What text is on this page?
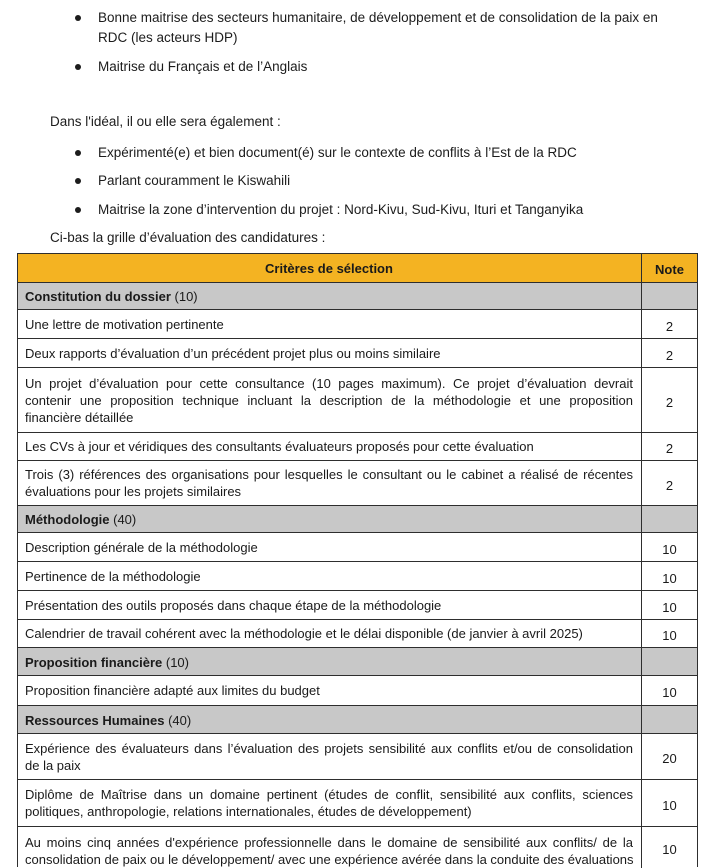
Bonne maitrise des secteurs humanitaire, de développement et de consolidation de la paix en
RDC (les acteurs HDP)
Maitrise du Français et de l’Anglais
Dans l'idéal, il ou elle sera également :
Expérimenté(e) et bien document(é) sur le contexte de conflits à l’Est de la RDC
Parlant couramment le Kiswahili
Maitrise la zone d’intervention du projet : Nord-Kivu, Sud-Kivu, Ituri et Tanganyika
Ci-bas la grille d’évaluation des candidatures :
Critères de sélection	Note
Constitution du dossier (10)
Une lettre de motivation pertinente	2
Deux rapports d’évaluation d’un précédent projet plus ou moins similaire	2
Un projet d’évaluation pour cette consultance (10 pages maximum). Ce projet d’évaluation devrait
contenir une proposition technique incluant la description de la méthodologie et une proposition
financière détaillée
2
Les CVs à jour et véridiques des consultants évaluateurs proposés pour cette évaluation	2
Trois (3) références des organisations pour lesquelles le consultant ou le cabinet a réalisé de récentes
évaluations pour les projets similaires	2
Méthodologie (40)
Description générale de la méthodologie	10
Pertinence de la méthodologie	10
Présentation des outils proposés dans chaque étape de la méthodologie	10
Calendrier de travail cohérent avec la méthodologie et le délai disponible (de janvier à avril 2025)	10
Proposition financière (10)
Proposition financière adapté aux limites du budget	10
Ressources Humaines (40)
Expérience des évaluateurs dans l’évaluation des projets sensibilité aux conflits et/ou de consolidation
de la paix	20
Diplôme de Maîtrise dans un domaine pertinent (études de conflit, sensibilité aux conflits, sciences
politiques, anthropologie, relations internationales, études de développement)	10
Au moins cinq années d'expérience professionnelle dans le domaine de sensibilité aux conflits/ de la
consolidation de paix ou le développement/ avec une expérience avérée dans la conduite des évaluations
10
